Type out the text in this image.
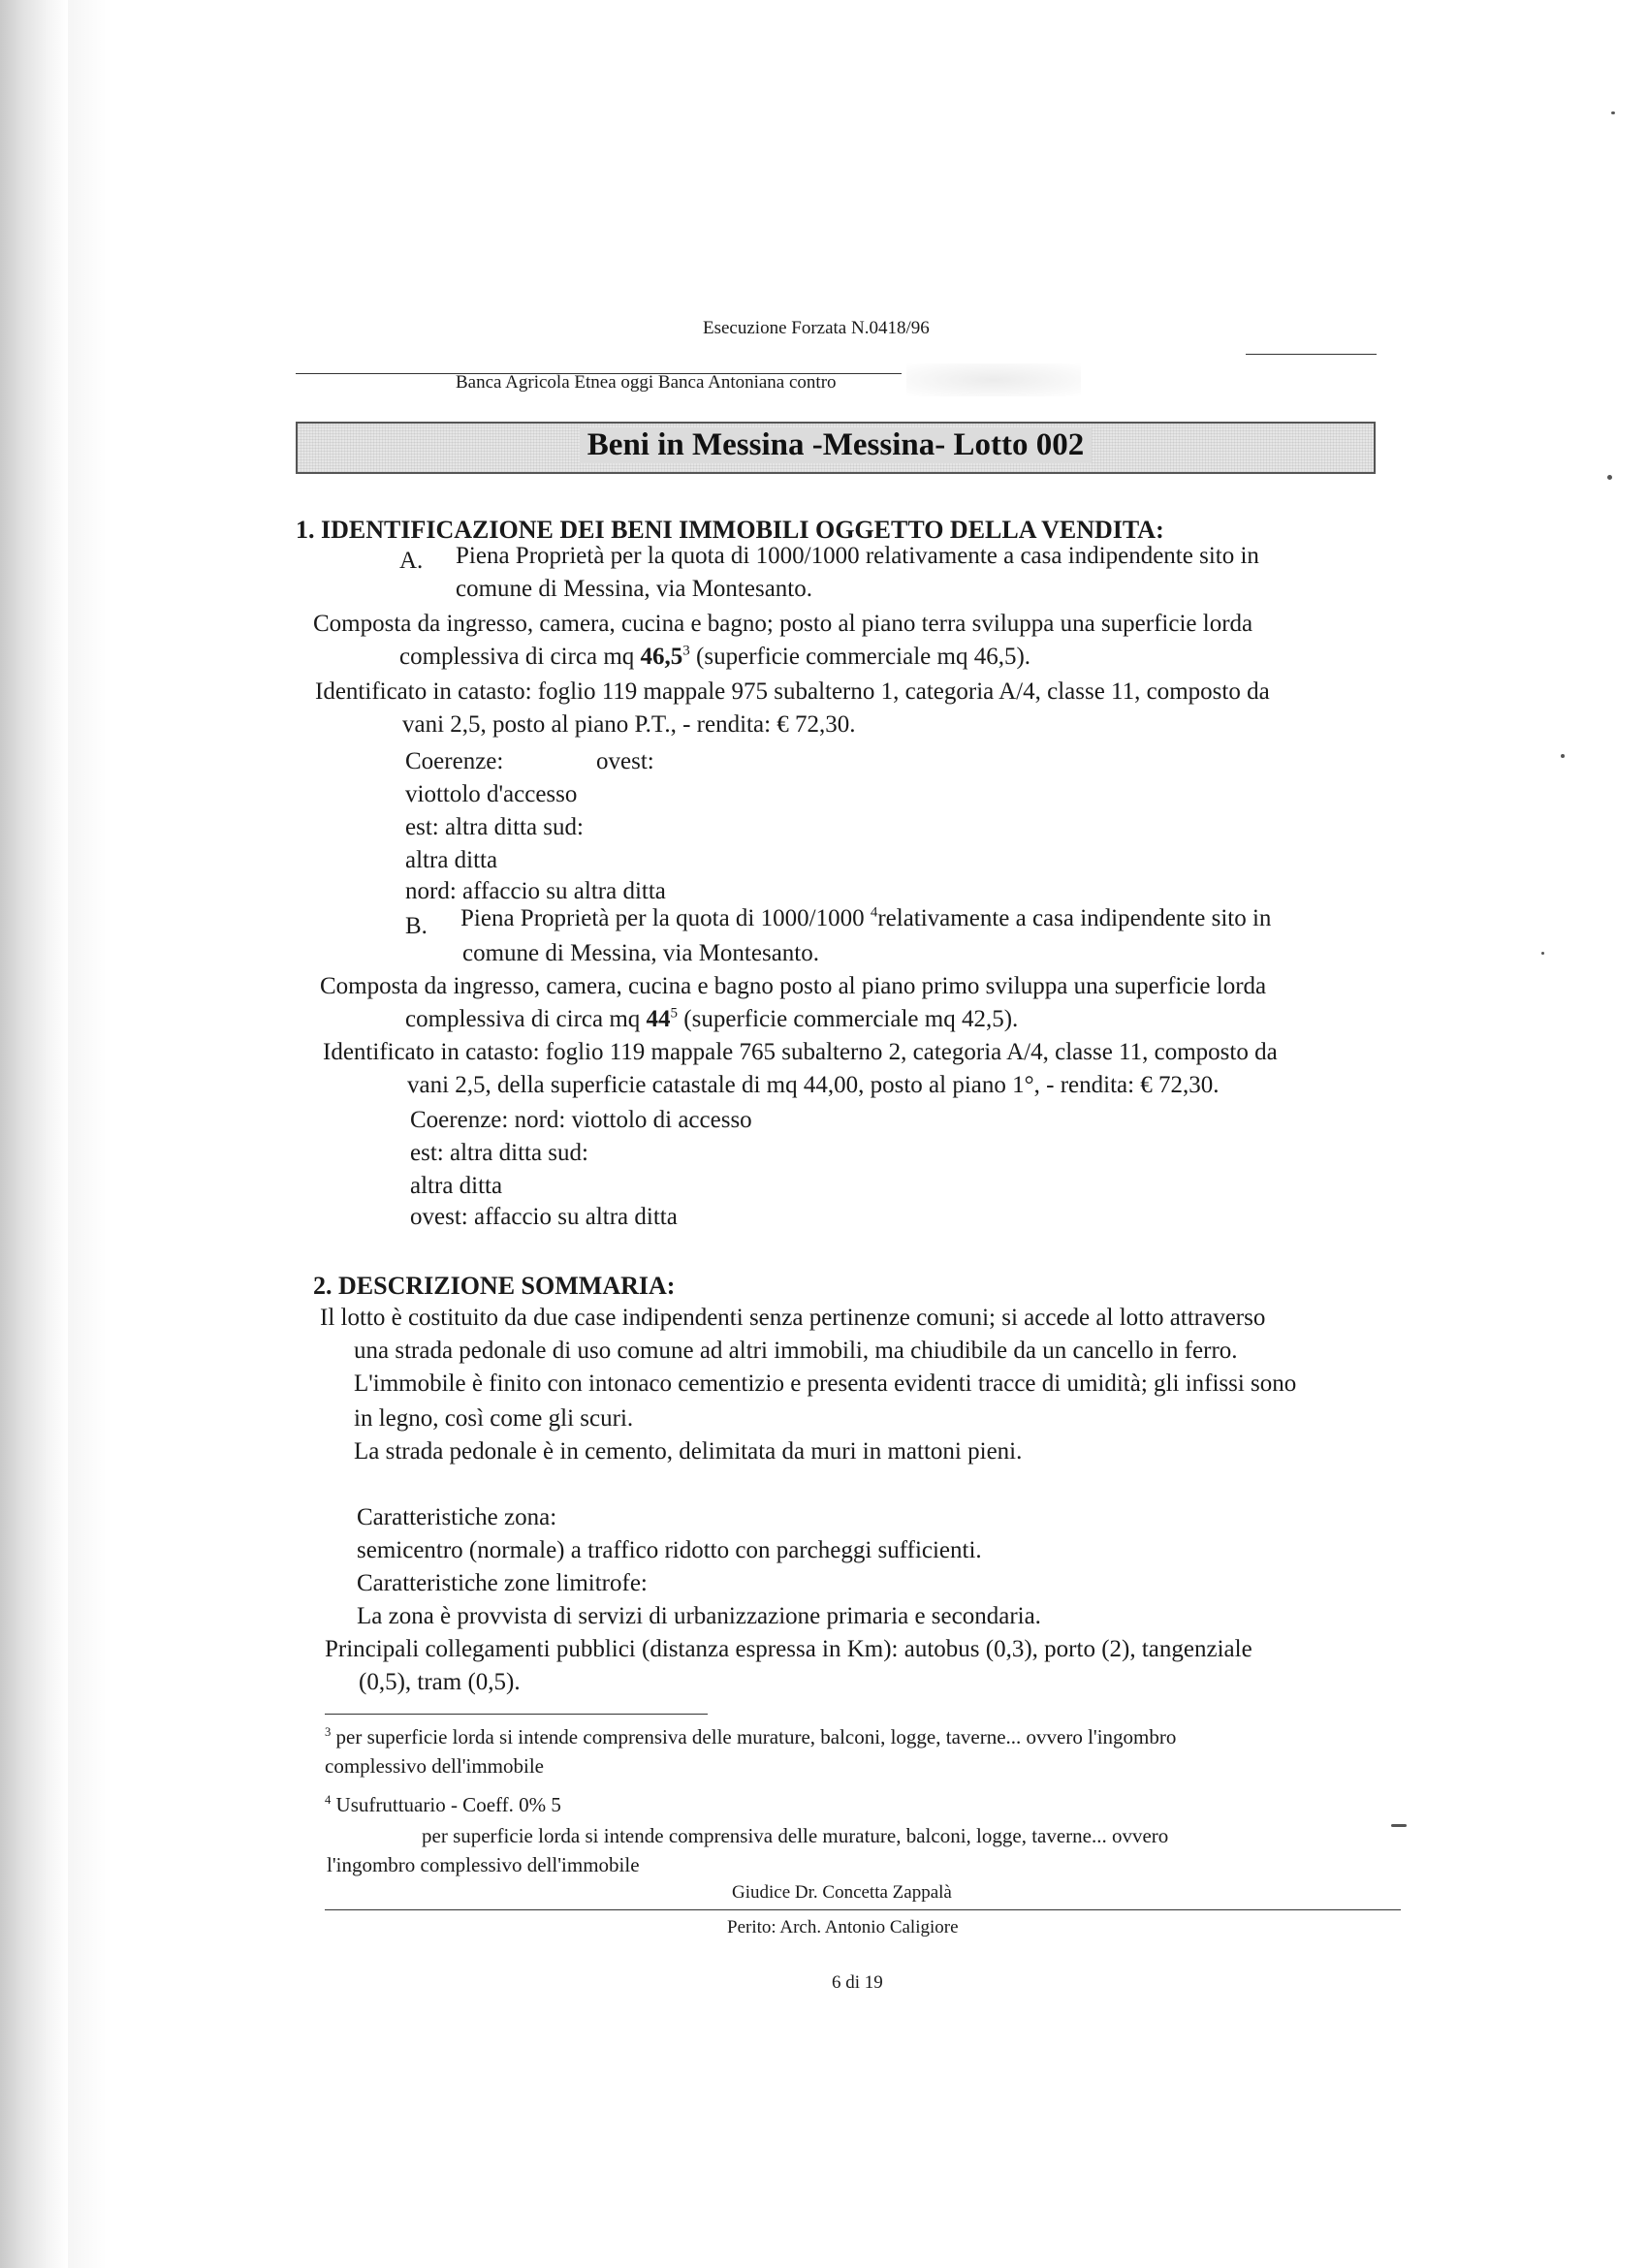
Esecuzione Forzata N.0418/96
Banca Agricola Etnea oggi Banca Antoniana contro
Beni in Messina -Messina- Lotto 002
1. IDENTIFICAZIONE DEI BENI IMMOBILI OGGETTO DELLA VENDITA:
A. Piena Proprietà per la quota di 1000/1000 relativamente a casa indipendente sito in
comune di Messina, via Montesanto.
Composta da ingresso, camera, cucina e bagno; posto al piano terra sviluppa una superficie lorda
complessiva di circa mq 46,5$^3$ (superficie commerciale mq 46,5).
Identificato in catasto: foglio 119 mappale 975 subalterno 1, categoria A/4, classe 11, composto da
vani 2,5, posto al piano P.T., - rendita: € 72,30.
Coerenze:	ovest:
viottolo d'accesso
est: altra ditta sud:
altra ditta
nord: affaccio su altra ditta
B. Piena Proprietà per la quota di 1000/1000 $^4$relativamente a casa indipendente sito in
comune di Messina, via Montesanto.
Composta da ingresso, camera, cucina e bagno posto al piano primo sviluppa una superficie lorda
complessiva di circa mq $44^5$ (superficie commerciale mq 42,5).
Identificato in catasto: foglio 119 mappale 765 subalterno 2, categoria A/4, classe 11, composto da
vani 2,5, della superficie catastale di mq 44,00, posto al piano 1°, - rendita: € 72,30.
Coerenze: nord: viottolo di accesso
est: altra ditta sud:
altra ditta
ovest: affaccio su altra ditta
2. DESCRIZIONE SOMMARIA:
Il lotto è costituito da due case indipendenti senza pertinenze comuni; si accede al lotto attraverso
una strada pedonale di uso comune ad altri immobili, ma chiudibile da un cancello in ferro.
L'immobile è finito con intonaco cementizio e presenta evidenti tracce di umidità; gli infissi sono
in legno, così come gli scuri.
La strada pedonale è in cemento, delimitata da muri in mattoni pieni.
Caratteristiche zona:
semicentro (normale) a traffico ridotto con parcheggi sufficienti.
Caratteristiche zone limitrofe:
La zona è provvista di servizi di urbanizzazione primaria e secondaria.
Principali collegamenti pubblici (distanza espressa in Km): autobus (0,3), porto (2), tangenziale
(0,5), tram (0,5).
$^3$ per superficie lorda si intende comprensiva delle murature, balconi, logge, taverne... ovvero l'ingombro
complessivo dell'immobile
$^4$ Usufruttuario - Coeff. 0% 5
per superficie lorda si intende comprensiva delle murature, balconi, logge, taverne... ovvero
l'ingombro complessivo dell'immobile
Giudice Dr. Concetta Zappalà
Perito: Arch. Antonio Caligiore
6 di 19
